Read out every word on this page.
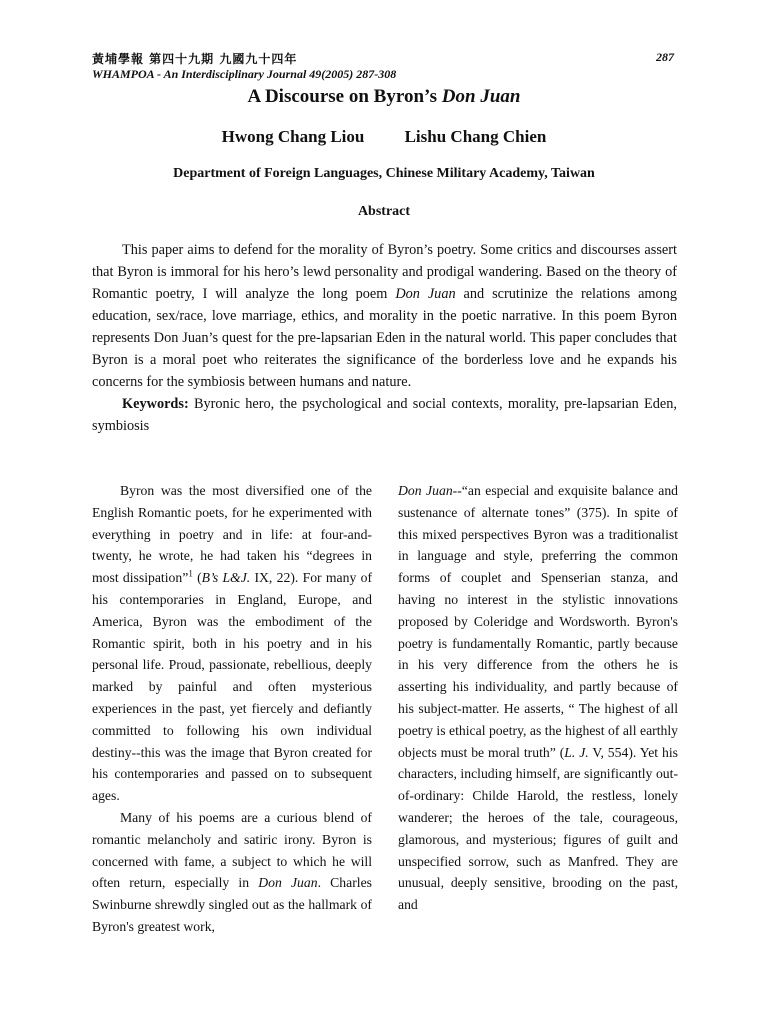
黃埔學報 第四十九期 九國九十四年	287
WHAMPOA - An Interdisciplinary Journal 49(2005) 287-308
A Discourse on Byron’s Don Juan
Hwong Chang Liou Lishu Chang Chien
Department of Foreign Languages, Chinese Military Academy, Taiwan
Abstract

This paper aims to defend for the morality of Byron’s poetry. Some critics and discourses assert that Byron is immoral for his hero’s lewd personality and prodigal wandering. Based on the theory of Romantic poetry, I will analyze the long poem Don Juan and scrutinize the relations among education, sex/race, love marriage, ethics, and morality in the poetic narrative. In this poem Byron represents Don Juan’s quest for the pre-lapsarian Eden in the natural world. This paper concludes that Byron is a moral poet who reiterates the significance of the borderless love and he expands his concerns for the symbiosis between humans and nature.

Keywords: Byronic hero, the psychological and social contexts, morality, pre-lapsarian Eden, symbiosis

Byron was the most diversified one of the English Romantic poets, for he experimented with everything in poetry and in life: at four-and-twenty, he wrote, he had taken his “degrees in most dissipation”$^1$ (B’s L&J. IX, 22). For many of his contemporaries in England, Europe, and America, Byron was the embodiment of the Romantic spirit, both in his poetry and in his personal life. Proud, passionate, rebellious, deeply marked by painful and often mysterious experiences in the past, yet fiercely and defiantly committed to following his own individual destiny--this was the image that Byron created for his contemporaries and passed on to subsequent ages.

Many of his poems are a curious blend of romantic melancholy and satiric irony. Byron is concerned with fame, a subject to which he will often return, especially in Don Juan. Charles Swinburne shrewdly singled out as the hallmark of Byron's greatest work,

Don Juan--“an especial and exquisite balance and sustenance of alternate tones” (375). In spite of this mixed perspectives Byron was a traditionalist in language and style, preferring the common forms of couplet and Spenserian stanza, and having no interest in the stylistic innovations proposed by Coleridge and Wordsworth. Byron's poetry is fundamentally Romantic, partly because in his very difference from the others he is asserting his individuality, and partly because of his subject-matter. He asserts, “ The highest of all poetry is ethical poetry, as the highest of all earthly objects must be moral truth” (L. J. V, 554). Yet his characters, including himself, are significantly out-of-ordinary: Childe Harold, the restless, lonely wanderer; the heroes of the tale, courageous, glamorous, and mysterious; figures of guilt and unspecified sorrow, such as Manfred. They are unusual, deeply sensitive, brooding on the past, and
